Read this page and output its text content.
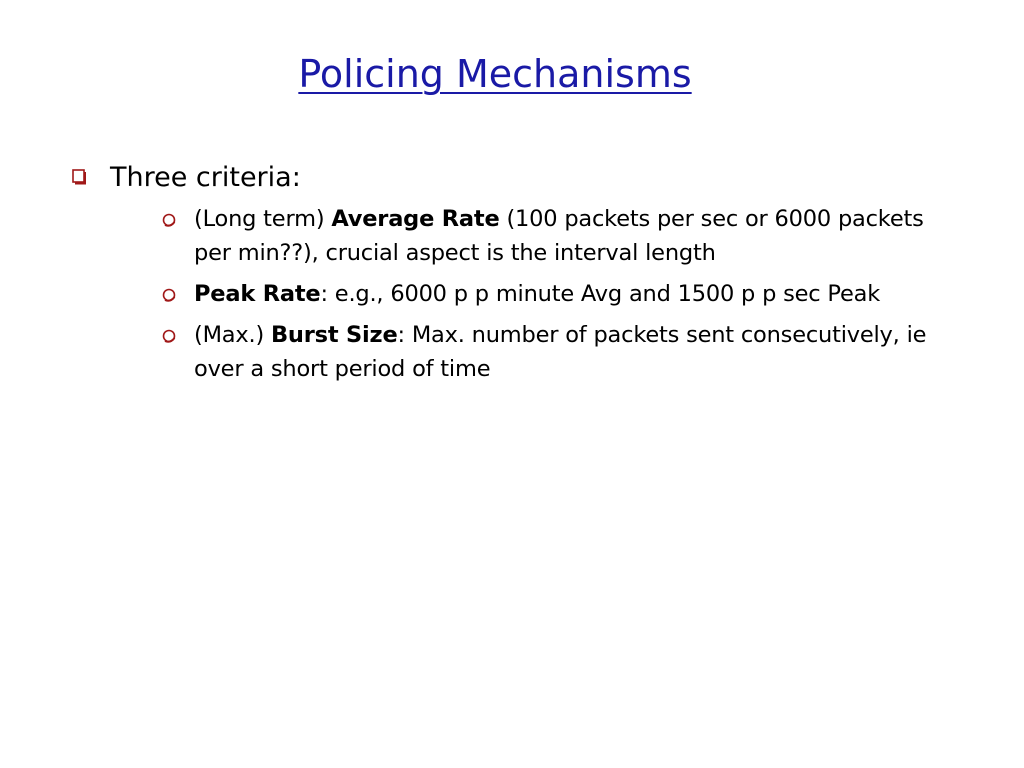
Policing Mechanisms
Three criteria:
(Long term) Average Rate (100 packets per sec or 6000 packets per min??), crucial aspect is the interval length
Peak Rate: e.g., 6000 p p minute Avg and 1500 p p sec Peak
(Max.) Burst Size: Max. number of packets sent consecutively, ie over a short period of time
